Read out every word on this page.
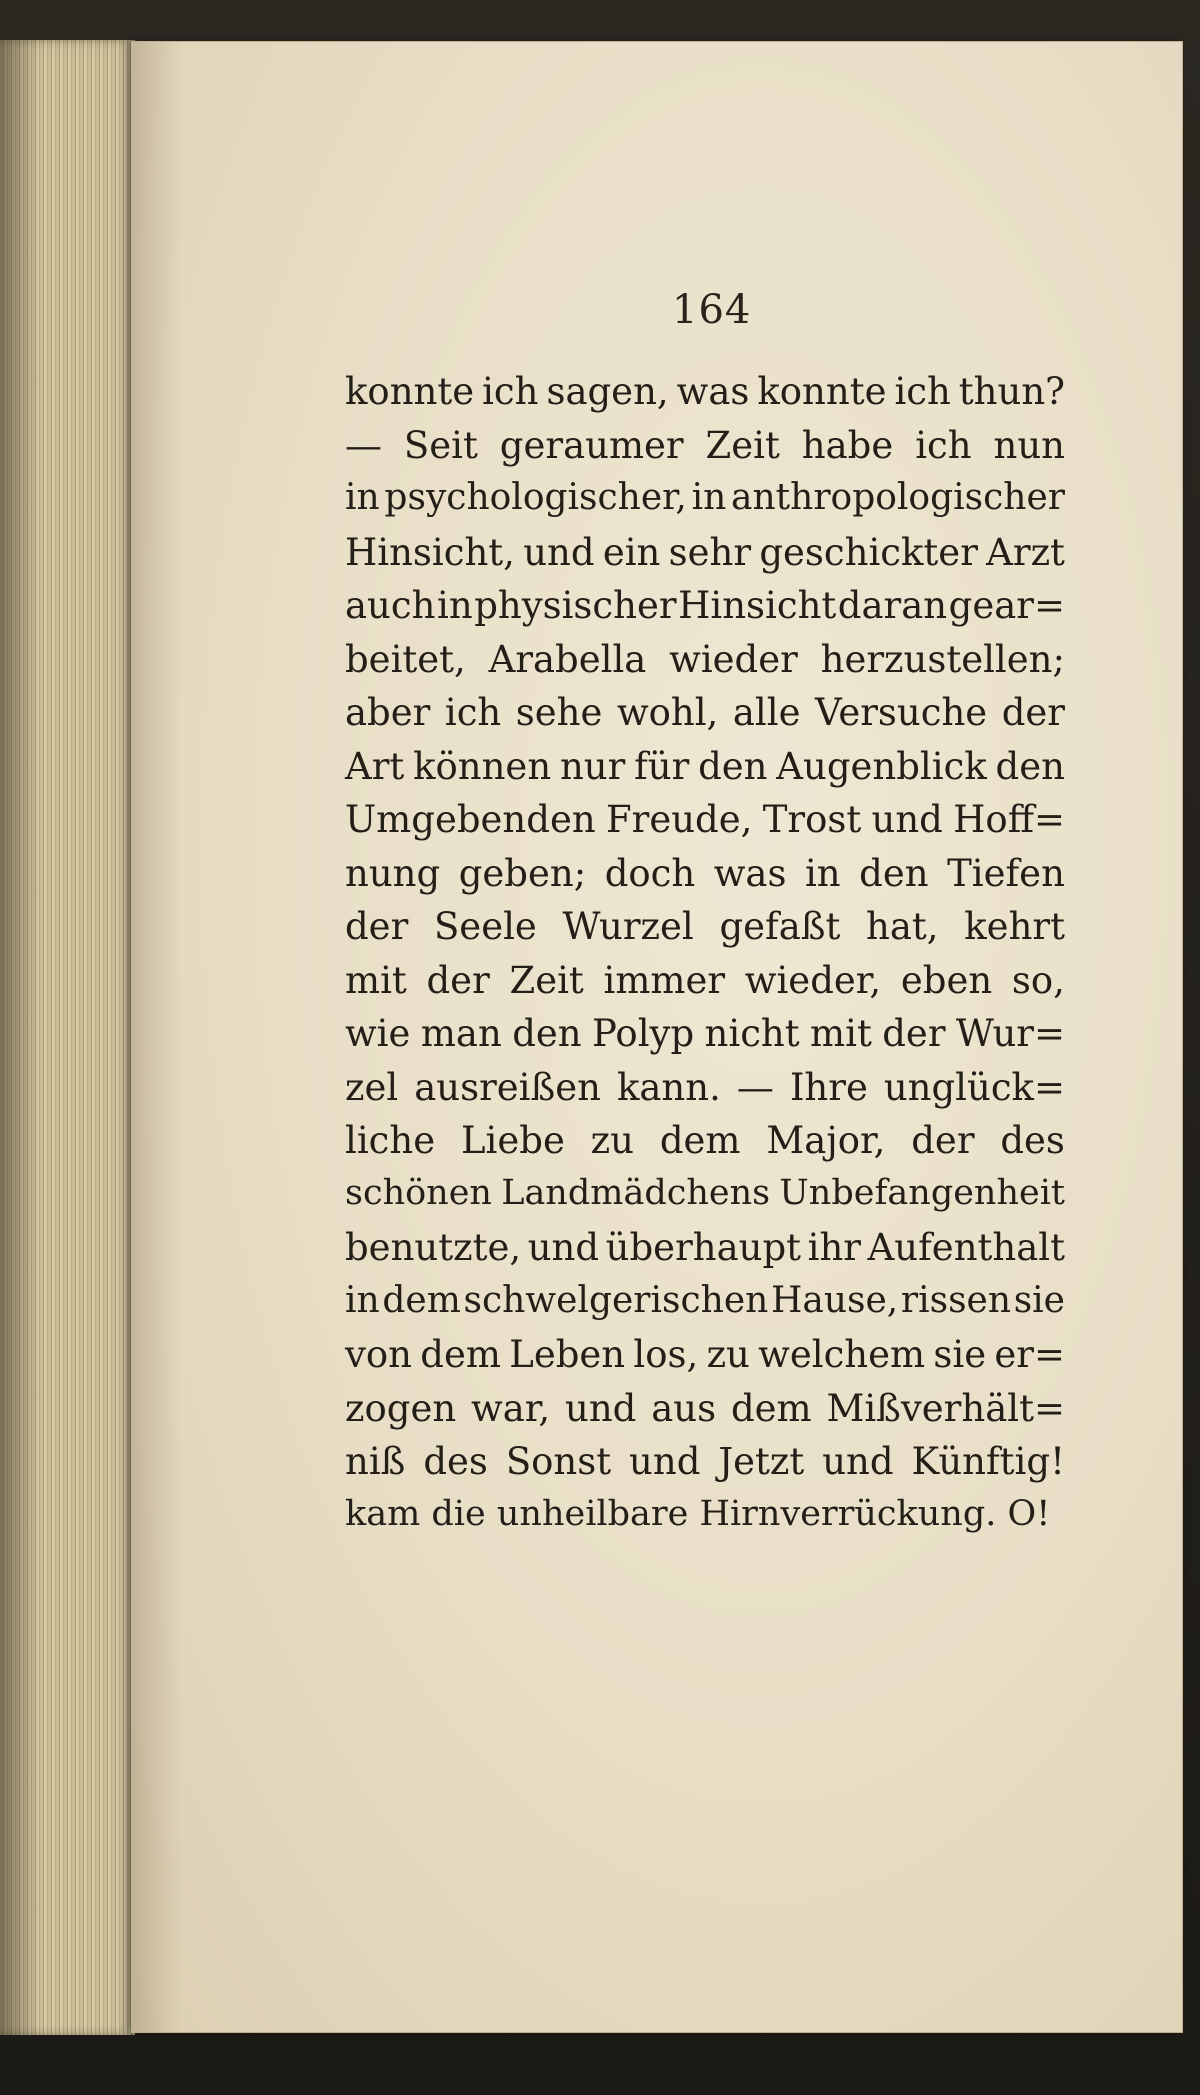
164
konnte ich sagen, was konnte ich thun?
— Seit geraumer Zeit habe ich nun
in psychologischer, in anthropologischer
Hinsicht, und ein sehr geschickter Arzt
auch in physischer Hinsicht daran gear=
beitet, Arabella wieder herzustellen;
aber ich sehe wohl, alle Versuche der
Art können nur für den Augenblick den
Umgebenden Freude, Trost und Hoff=
nung geben; doch was in den Tiefen
der Seele Wurzel gefaßt hat, kehrt
mit der Zeit immer wieder, eben so,
wie man den Polyp nicht mit der Wur=
zel ausreißen kann. — Ihre unglück=
liche Liebe zu dem Major, der des
schönen Landmädchens Unbefangenheit
benutzte, und überhaupt ihr Aufenthalt
in dem schwelgerischen Hause, rissen sie
von dem Leben los, zu welchem sie er=
zogen war, und aus dem Mißverhält=
niß des Sonst und Jetzt und Künftig!
kam
die
unheilbare
Hirnverrückung.
O!
